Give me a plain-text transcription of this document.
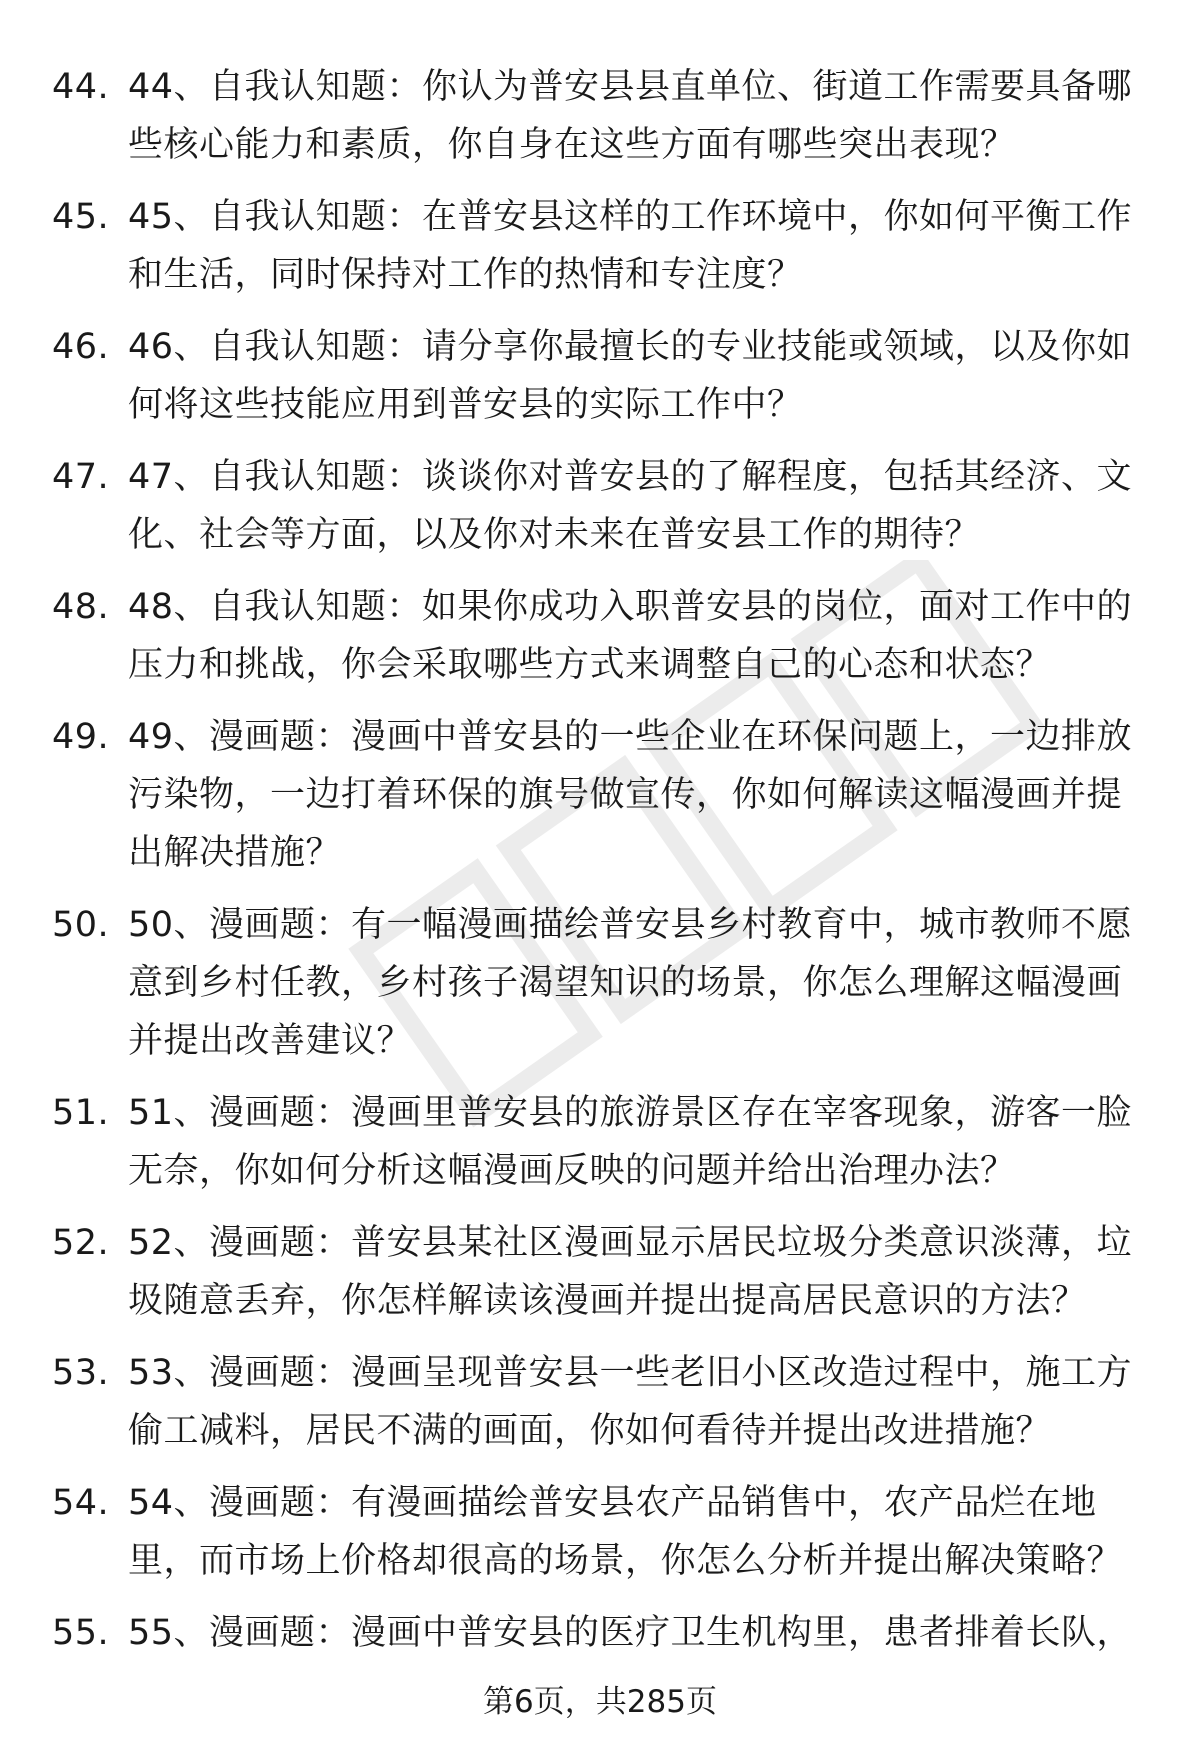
44. 44、自我认知题：你认为普安县县直单位、街道工作需要具备哪些核心能力和素质，你自身在这些方面有哪些突出表现？
45. 45、自我认知题：在普安县这样的工作环境中，你如何平衡工作和生活，同时保持对工作的热情和专注度？
46. 46、自我认知题：请分享你最擅长的专业技能或领域，以及你如何将这些技能应用到普安县的实际工作中？
47. 47、自我认知题：谈谈你对普安县的了解程度，包括其经济、文化、社会等方面，以及你对未来在普安县工作的期待？
48. 48、自我认知题：如果你成功入职普安县的岗位，面对工作中的压力和挑战，你会采取哪些方式来调整自己的心态和状态？
49. 49、漫画题：漫画中普安县的一些企业在环保问题上，一边排放污染物，一边打着环保的旗号做宣传，你如何解读这幅漫画并提出解决措施？
50. 50、漫画题：有一幅漫画描绘普安县乡村教育中，城市教师不愿意到乡村任教，乡村孩子渴望知识的场景，你怎么理解这幅漫画并提出改善建议？
51. 51、漫画题：漫画里普安县的旅游景区存在宰客现象，游客一脸无奈，你如何分析这幅漫画反映的问题并给出治理办法？
52. 52、漫画题：普安县某社区漫画显示居民垃圾分类意识淡薄，垃圾随意丢弃，你怎样解读该漫画并提出提高居民意识的方法？
53. 53、漫画题：漫画呈现普安县一些老旧小区改造过程中，施工方偷工减料，居民不满的画面，你如何看待并提出改进措施？
54. 54、漫画题：有漫画描绘普安县农产品销售中，农产品烂在地里，而市场上价格却很高的场景，你怎么分析并提出解决策略？
55. 55、漫画题：漫画中普安县的医疗卫生机构里，患者排着长队，
第6页，共285页
